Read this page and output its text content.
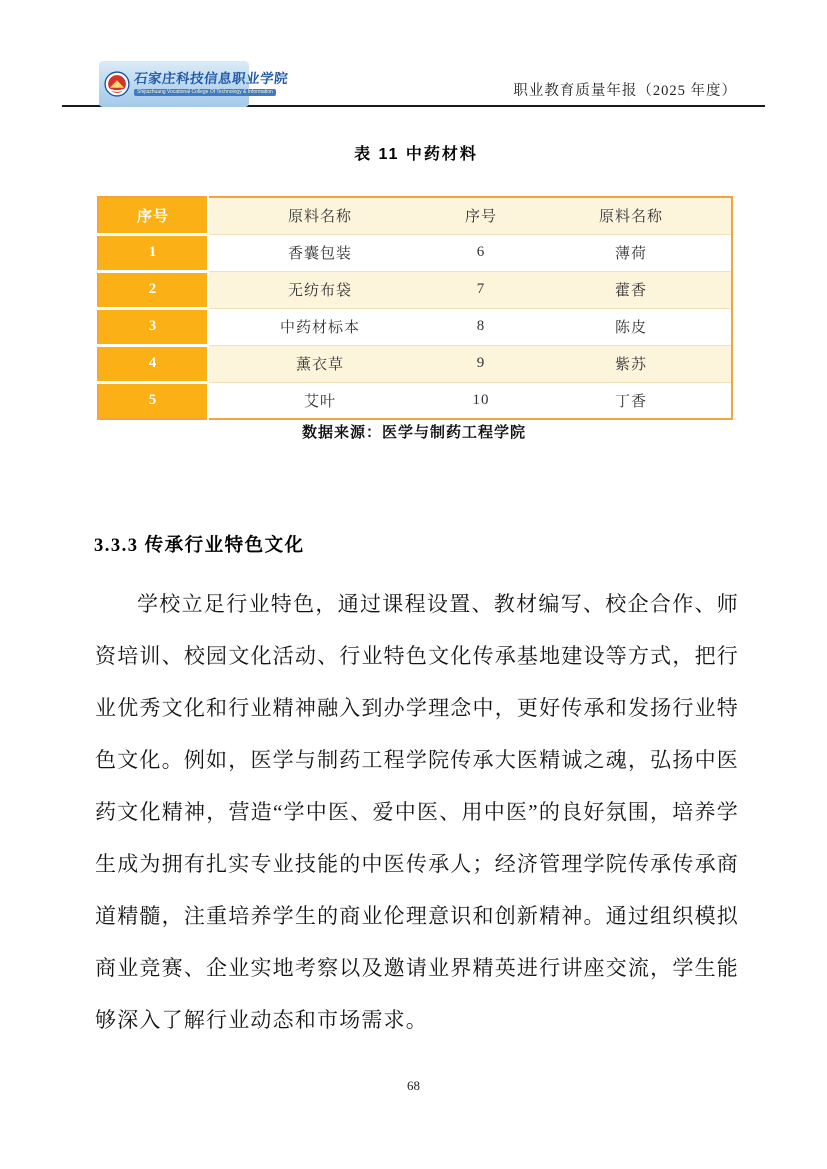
石家庄科技信息职业学院
Shijiazhuang Vocational College Of Technology & Information	职业教育质量年报（2025 年度）
表 11 中药材料
序号	原料名称	序号	原料名称
1	香囊包装	6	薄荷
2	无纺布袋	7	藿香
3	中药材标本	8	陈皮
4	薰衣草	9	紫苏
5	艾叶	10	丁香
数据来源：医学与制药工程学院
3.3.3 传承行业特色文化
学校立足行业特色，通过课程设置、教材编写、校企合作、师资培训、校园文化活动、行业特色文化传承基地建设等方式，把行业优秀文化和行业精神融入到办学理念中，更好传承和发扬行业特色文化。例如，医学与制药工程学院传承大医精诚之魂，弘扬中医药文化精神，营造“学中医、爱中医、用中医”的良好氛围，培养学生成为拥有扎实专业技能的中医传承人；经济管理学院传承传承商道精髓，注重培养学生的商业伦理意识和创新精神。通过组织模拟商业竞赛、企业实地考察以及邀请业界精英进行讲座交流，学生能够深入了解行业动态和市场需求。
68
